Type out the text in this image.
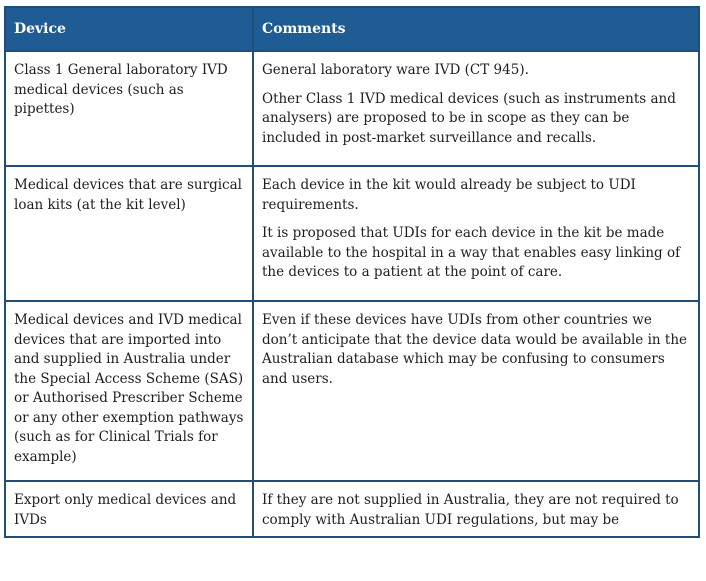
Device	Comments
Class 1 General laboratory IVD medical devices (such as pipettes)	General laboratory ware IVD (CT 945).

Other Class 1 IVD medical devices (such as instruments and analysers) are proposed to be in scope as they can be included in post-market surveillance and recalls.

Medical devices that are surgical loan kits (at the kit level)	Each device in the kit would already be subject to UDI requirements.

It is proposed that UDIs for each device in the kit be made available to the hospital in a way that enables easy linking of the devices to a patient at the point of care.

Medical devices and IVD medical devices that are imported into and supplied in Australia under the Special Access Scheme (SAS) or Authorised Prescriber Scheme or any other exemption pathways (such as for Clinical Trials for example)	Even if these devices have UDIs from other countries we don’t anticipate that the device data would be available in the Australian database which may be confusing to consumers and users.

Export only medical devices and IVDs	If they are not supplied in Australia, they are not required to comply with Australian UDI regulations, but may be
